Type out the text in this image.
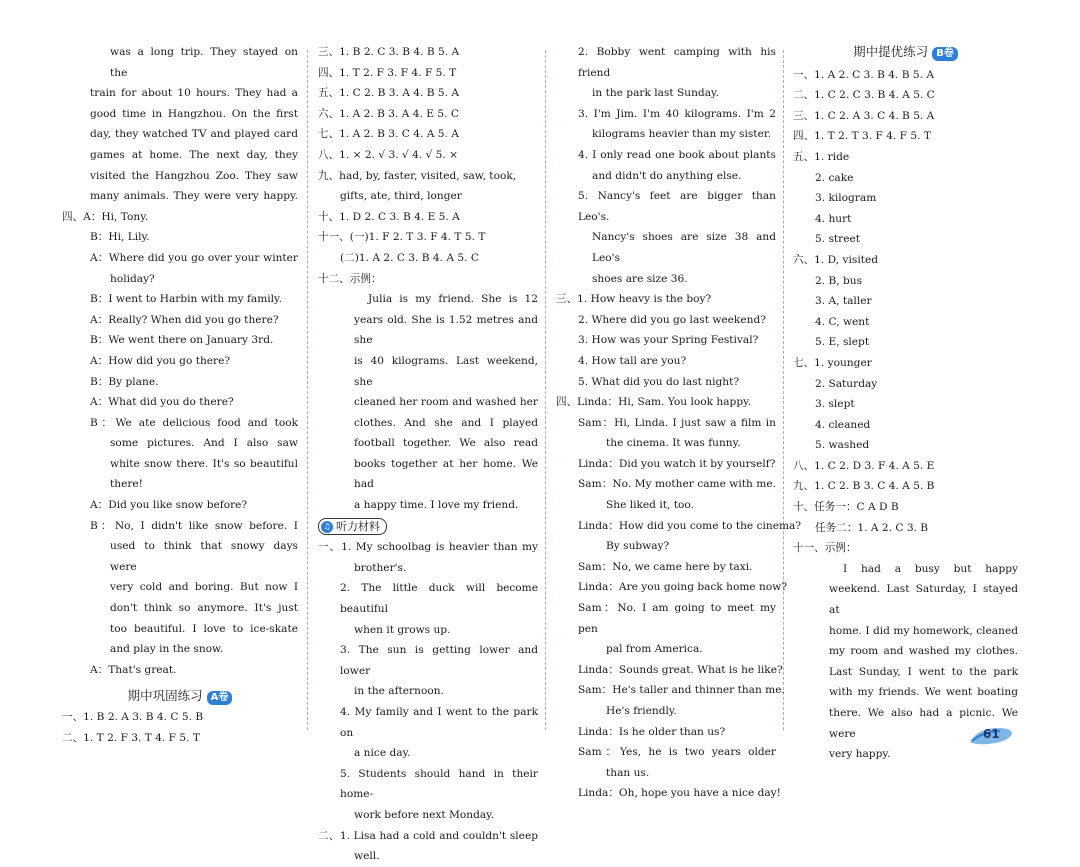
was a long trip. They stayed on the
train for about 10 hours. They had a
good time in Hangzhou. On the first
day, they watched TV and played card
games at home. The next day, they
visited the Hangzhou Zoo. They saw
many animals. They were very happy.
四、A：Hi, Tony.
B：Hi, Lily.
A：Where did you go over your winter
holiday?
B：I went to Harbin with my family.
A：Really? When did you go there?
B：We went there on January 3rd.
A：How did you go there?
B：By plane.
A：What did you do there?
B：We ate delicious food and took
some pictures. And I also saw
white snow there. It's so beautiful
there!
A：Did you like snow before?
B：No, I didn't like snow before. I
used to think that snowy days were
very cold and boring. But now I
don't think so anymore. It's just
too beautiful. I love to ice-skate
and play in the snow.
A：That's great.
期中巩固练习 A卷
一、1. B 2. A 3. B 4. C 5. B
二、1. T 2. F 3. T 4. F 5. T
三、1. B 2. C 3. B 4. B 5. A
四、1. T 2. F 3. F 4. F 5. T
五、1. C 2. B 3. A 4. B 5. A
六、1. A 2. B 3. A 4. E 5. C
七、1. A 2. B 3. C 4. A 5. A
八、1. × 2. √ 3. √ 4. √ 5. ×
九、had, by, faster, visited, saw, took,
gifts, ate, third, longer
十、1. D 2. C 3. B 4. E 5. A
十一、(一)1. F 2. T 3. F 4. T 5. T
(二)1. A 2. C 3. B 4. A 5. C
十二、示例：
Julia is my friend. She is 12
years old. She is 1.52 metres and she
is 40 kilograms. Last weekend, she
cleaned her room and washed her
clothes. And she and I played
football together. We also read
books together at her home. We had
a happy time. I love my friend.
♫ 听力材料
一、1. My schoolbag is heavier than my
brother's.
2. The little duck will become beautiful
when it grows up.
3. The sun is getting lower and lower
in the afternoon.
4. My family and I went to the park on
a nice day.
5. Students should hand in their home-
work before next Monday.
二、1. Lisa had a cold and couldn't sleep
well.
2. Bobby went camping with his friend
in the park last Sunday.
3. I'm Jim. I'm 40 kilograms. I'm 2
kilograms heavier than my sister.
4. I only read one book about plants
and didn't do anything else.
5. Nancy's feet are bigger than Leo's.
Nancy's shoes are size 38 and Leo's
shoes are size 36.
三、1. How heavy is the boy?
2. Where did you go last weekend?
3. How was your Spring Festival?
4. How tall are you?
5. What did you do last night?
四、Linda：Hi, Sam. You look happy.
Sam：Hi, Linda. I just saw a film in
the cinema. It was funny.
Linda：Did you watch it by yourself?
Sam：No. My mother came with me.
She liked it, too.
Linda：How did you come to the cinema?
By subway?
Sam：No, we came here by taxi.
Linda：Are you going back home now?
Sam：No. I am going to meet my pen
pal from America.
Linda：Sounds great. What is he like?
Sam：He's taller and thinner than me.
He's friendly.
Linda：Is he older than us?
Sam：Yes, he is two years older
than us.
Linda：Oh, hope you have a nice day!
期中提优练习 B卷
一、1. A 2. C 3. B 4. B 5. A
二、1. C 2. C 3. B 4. A 5. C
三、1. C 2. A 3. C 4. B 5. A
四、1. T 2. T 3. F 4. F 5. T
五、1. ride
2. cake
3. kilogram
4. hurt
5. street
六、1. D, visited
2. B, bus
3. A, taller
4. C, went
5. E, slept
七、1. younger
2. Saturday
3. slept
4. cleaned
5. washed
八、1. C 2. D 3. F 4. A 5. E
九、1. C 2. B 3. C 4. A 5. B
十、任务一：C A D B
任务二：1. A 2. C 3. B
十一、示例：
I had a busy but happy
weekend. Last Saturday, I stayed at
home. I did my homework, cleaned
my room and washed my clothes.
Last Sunday, I went to the park
with my friends. We went boating
there. We also had a picnic. We were
very happy.
61
